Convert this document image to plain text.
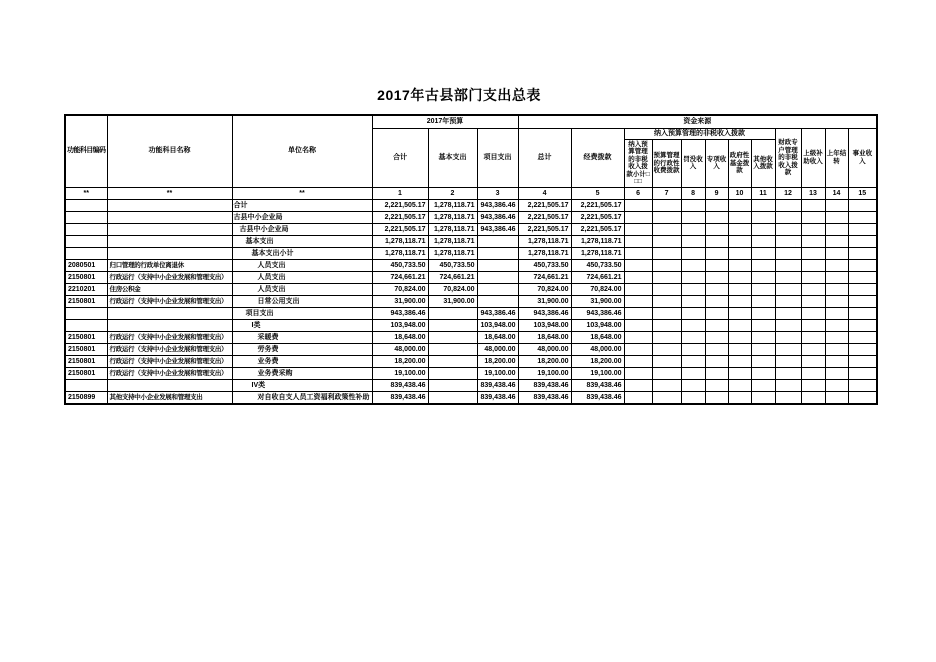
2017年古县部门支出总表
功能科目编码	功能科目名称	单位名称	2017年预算			资金来源											
			合计	基本支出	项目支出	总计	经费拨款	纳入预算管理的非税收入拨款						财政专户管理的非税收入拨款	上级补助收入	上年结转	事业收入
								纳入预算管理的非税收入拨款小计□□□	预算管理的行政性收费拨款	罚没收入	专项收入	政府性基金拨款	其他收入拨款				
**	**	**	1	2	3	4	5	6	7	8	9	10	11	12	13	14	15
		合计	2,221,505.17	1,278,118.71	943,386.46	2,221,505.17	2,221,505.17										
		古县中小企业局	2,221,505.17	1,278,118.71	943,386.46	2,221,505.17	2,221,505.17										
		古县中小企业局	2,221,505.17	1,278,118.71	943,386.46	2,221,505.17	2,221,505.17										
		基本支出	1,278,118.71	1,278,118.71		1,278,118.71	1,278,118.71										
		基本支出小计	1,278,118.71	1,278,118.71		1,278,118.71	1,278,118.71										
2080501	归口管理的行政单位离退休	人员支出	450,733.50	450,733.50		450,733.50	450,733.50										
2150801	行政运行（支持中小企业发展和管理支出）	人员支出	724,661.21	724,661.21		724,661.21	724,661.21										
2210201	住房公积金	人员支出	70,824.00	70,824.00		70,824.00	70,824.00										
2150801	行政运行（支持中小企业发展和管理支出）	日常公用支出	31,900.00	31,900.00		31,900.00	31,900.00										
		项目支出	943,386.46		943,386.46	943,386.46	943,386.46										
		I类	103,948.00		103,948.00	103,948.00	103,948.00										
2150801	行政运行（支持中小企业发展和管理支出）	采暖费	18,648.00		18,648.00	18,648.00	18,648.00										
2150801	行政运行（支持中小企业发展和管理支出）	劳务费	48,000.00		48,000.00	48,000.00	48,000.00										
2150801	行政运行（支持中小企业发展和管理支出）	业务费	18,200.00		18,200.00	18,200.00	18,200.00										
2150801	行政运行（支持中小企业发展和管理支出）	业务费采购	19,100.00		19,100.00	19,100.00	19,100.00										
		IV类	839,438.46		839,438.46	839,438.46	839,438.46										
2150899	其他支持中小企业发展和管理支出	对自收自支人员工资福利政策性补助	839,438.46		839,438.46	839,438.46	839,438.46										
